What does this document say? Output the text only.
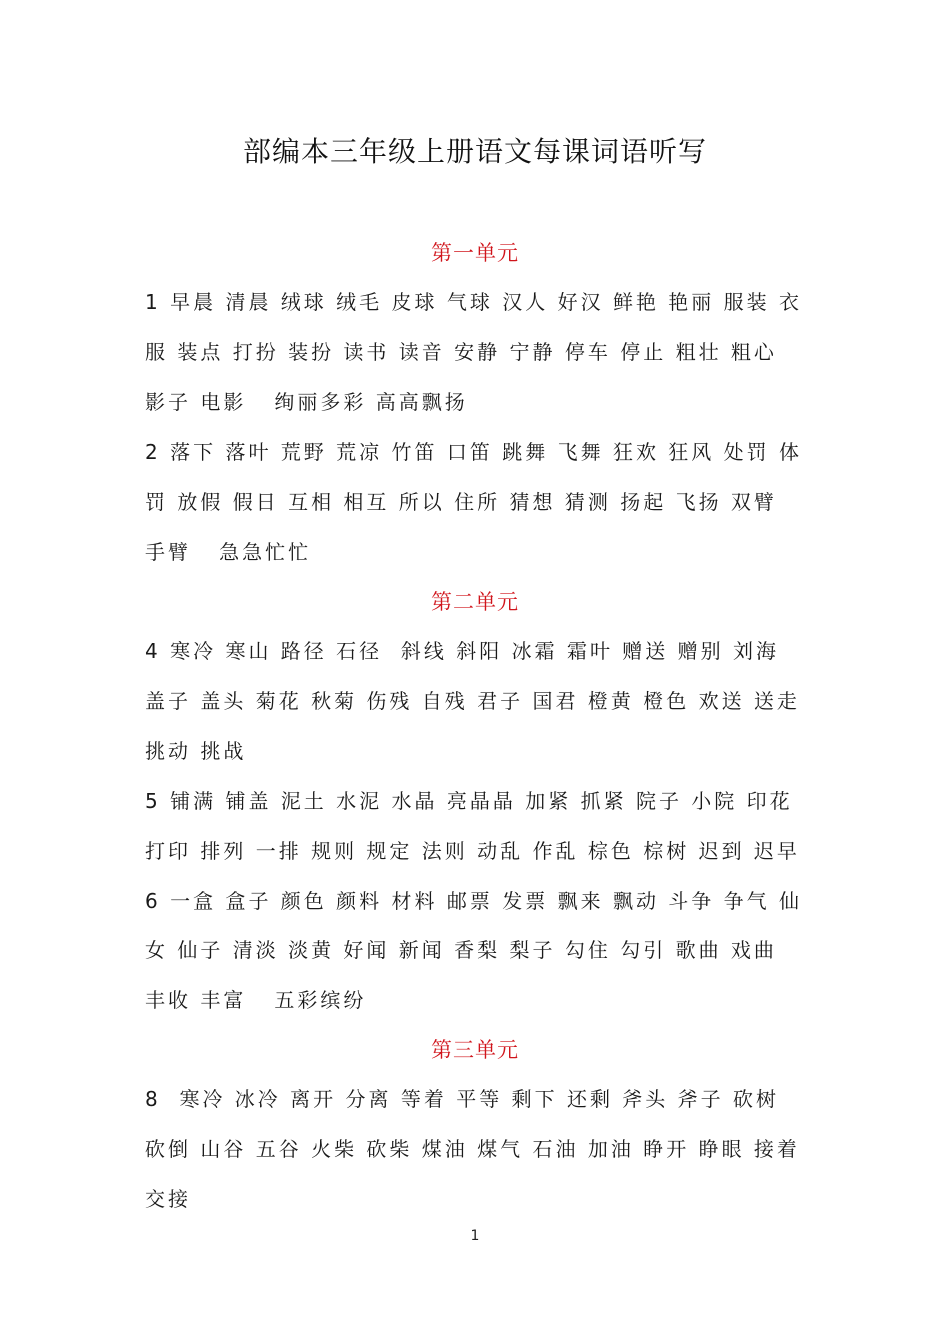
部编本三年级上册语文每课词语听写
第一单元
1 早晨 清晨 绒球 绒毛 皮球 气球 汉人 好汉 鲜艳 艳丽 服装 衣
服 装点 打扮 装扮 读书 读音 安静 宁静 停车 停止 粗壮 粗心
影子 电影   绚丽多彩 高高飘扬
2 落下 落叶 荒野 荒凉 竹笛 口笛 跳舞 飞舞 狂欢 狂风 处罚 体
罚 放假 假日 互相 相互 所以 住所 猜想 猜测 扬起 飞扬 双臂
手臂   急急忙忙
第二单元
4 寒冷 寒山 路径 石径  斜线 斜阳 冰霜 霜叶 赠送 赠别 刘海
盖子 盖头 菊花 秋菊 伤残 自残 君子 国君 橙黄 橙色 欢送 送走
挑动 挑战
5 铺满 铺盖 泥土 水泥 水晶 亮晶晶 加紧 抓紧 院子 小院 印花
打印 排列 一排 规则 规定 法则 动乱 作乱 棕色 棕树 迟到 迟早
6 一盒 盒子 颜色 颜料 材料 邮票 发票 飘来 飘动 斗争 争气 仙
女 仙子 清淡 淡黄 好闻 新闻 香梨 梨子 勾住 勾引 歌曲 戏曲
丰收 丰富   五彩缤纷
第三单元
8  寒冷 冰冷 离开 分离 等着 平等 剩下 还剩 斧头 斧子 砍树
砍倒 山谷 五谷 火柴 砍柴 煤油 煤气 石油 加油 睁开 睁眼 接着
交接
1
